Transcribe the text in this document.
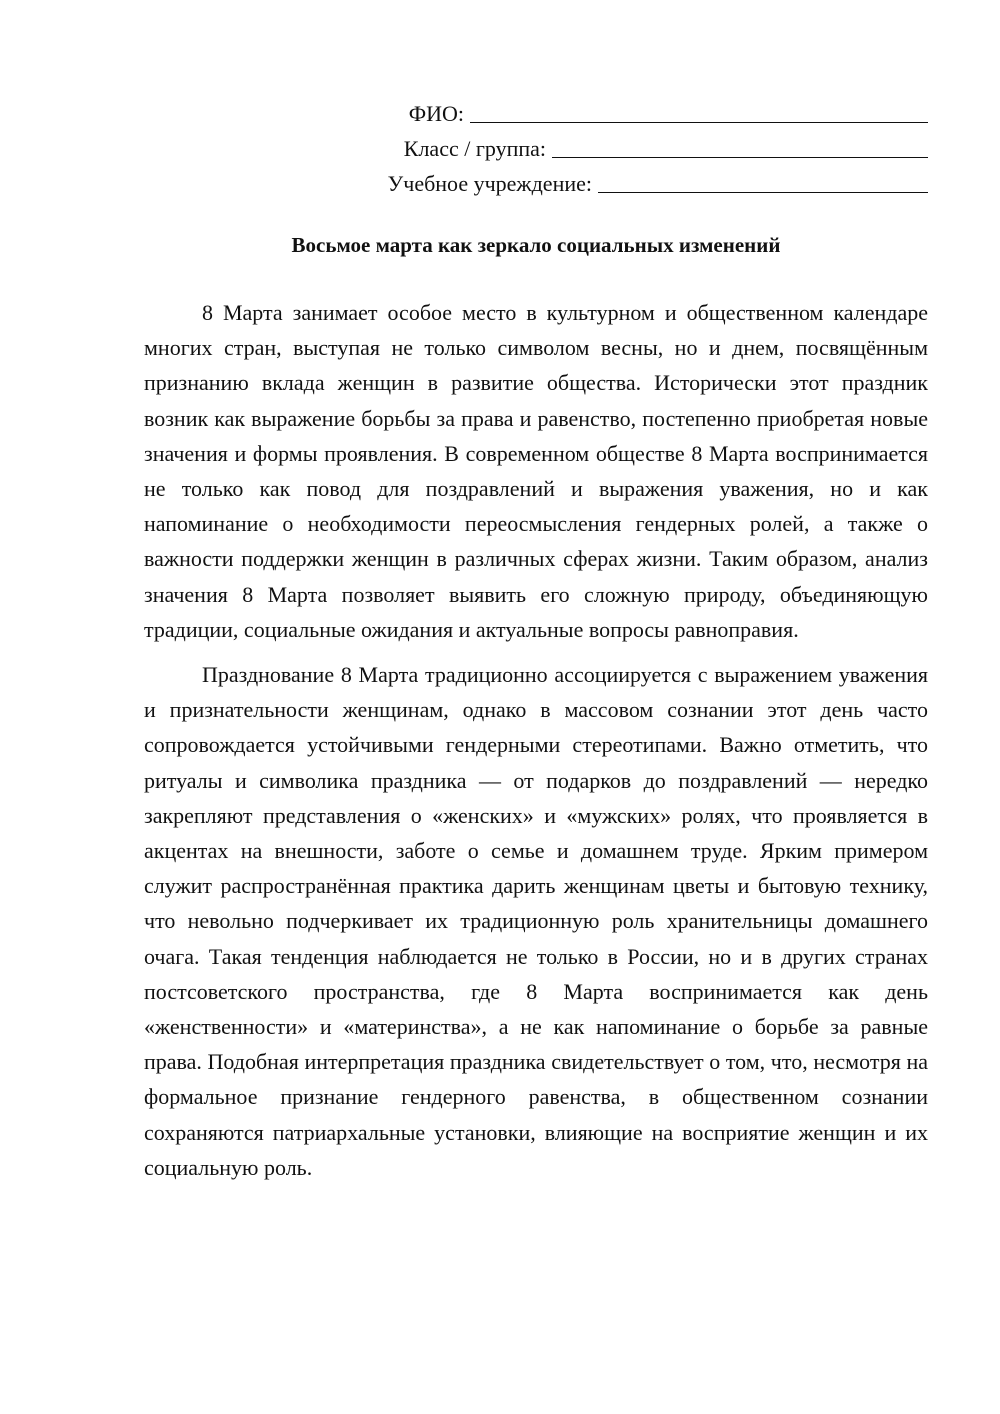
ФИО:
Класс / группа:
Учебное учреждение:
Восьмое марта как зеркало социальных изменений

8 Марта занимает особое место в культурном и общественном календаре многих стран, выступая не только символом весны, но и днем, посвящённым признанию вклада женщин в развитие общества. Исторически этот праздник возник как выражение борьбы за права и равенство, постепенно приобретая новые значения и формы проявления. В современном обществе 8 Марта воспринимается не только как повод для поздравлений и выражения уважения, но и как напоминание о необходимости переосмысления гендерных ролей, а также о важности поддержки женщин в различных сферах жизни. Таким образом, анализ значения 8 Марта позволяет выявить его сложную природу, объединяющую традиции, социальные ожидания и актуальные вопросы равноправия.

Празднование 8 Марта традиционно ассоциируется с выражением уважения и признательности женщинам, однако в массовом сознании этот день часто сопровождается устойчивыми гендерными стереотипами. Важно отметить, что ритуалы и символика праздника — от подарков до поздравлений — нередко закрепляют представления о «женских» и «мужских» ролях, что проявляется в акцентах на внешности, заботе о семье и домашнем труде. Ярким примером служит распространённая практика дарить женщинам цветы и бытовую технику, что невольно подчеркивает их традиционную роль хранительницы домашнего очага. Такая тенденция наблюдается не только в России, но и в других странах постсоветского пространства, где 8 Марта воспринимается как день «женственности» и «материнства», а не как напоминание о борьбе за равные права. Подобная интерпретация праздника свидетельствует о том, что, несмотря на формальное признание гендерного равенства, в общественном сознании сохраняются патриархальные установки, влияющие на восприятие женщин и их социальную роль.
